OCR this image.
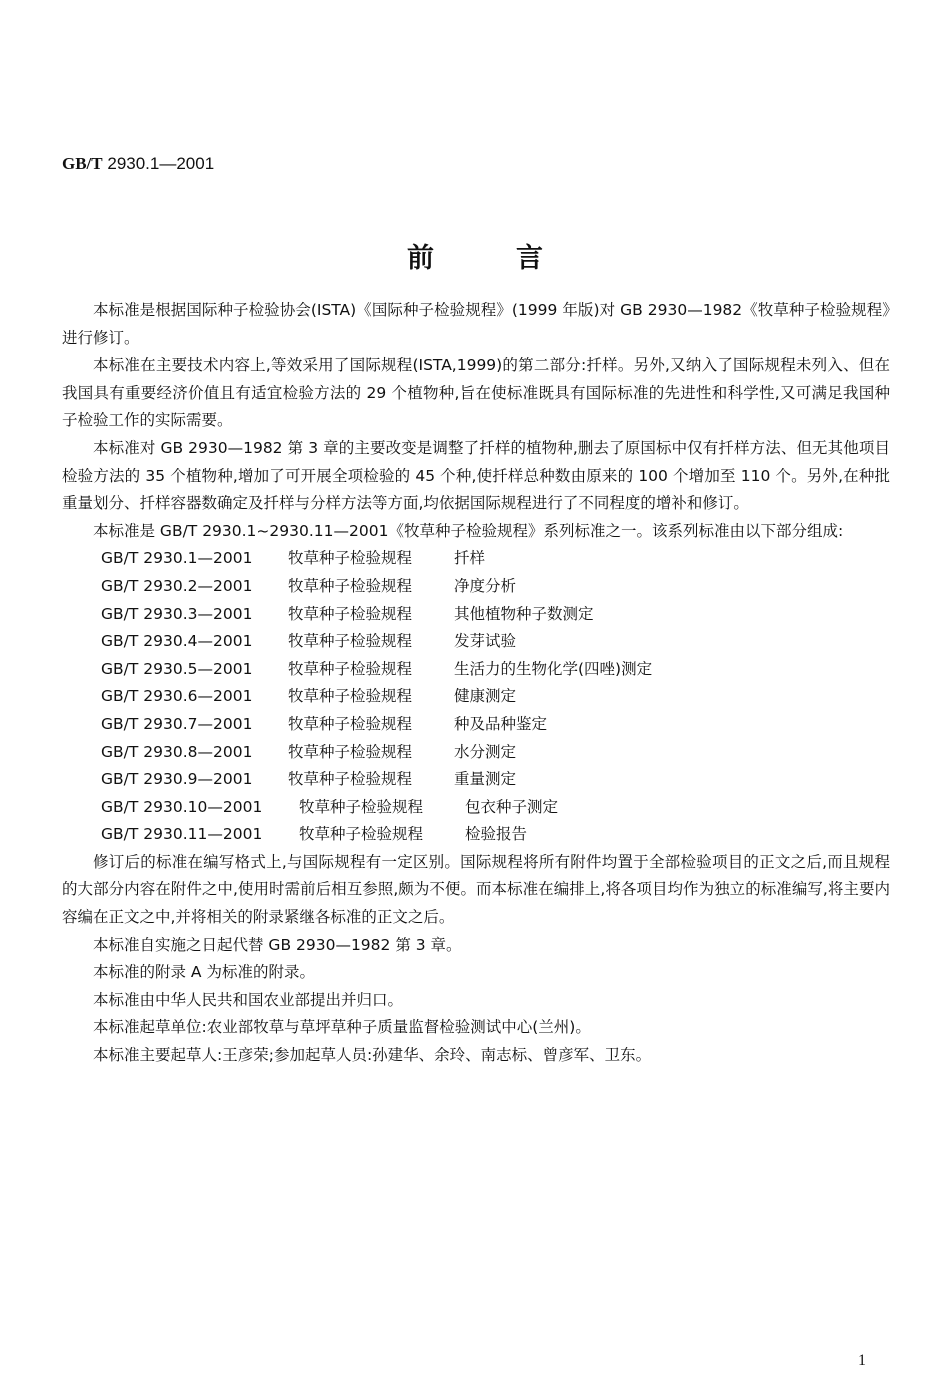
GB/T 2930.1—2001
前言

本标准是根据国际种子检验协会(ISTA)《国际种子检验规程》(1999 年版)对 GB 2930—1982《牧草种子检验规程》进行修订。

本标准在主要技术内容上,等效采用了国际规程(ISTA,1999)的第二部分:扦样。另外,又纳入了国际规程未列入、但在我国具有重要经济价值且有适宜检验方法的 29 个植物种,旨在使标准既具有国际标准的先进性和科学性,又可满足我国种子检验工作的实际需要。

本标准对 GB 2930—1982 第 3 章的主要改变是调整了扦样的植物种,删去了原国标中仅有扦样方法、但无其他项目检验方法的 35 个植物种,增加了可开展全项检验的 45 个种,使扦样总种数由原来的 100 个增加至 110 个。另外,在种批重量划分、扦样容器数确定及扦样与分样方法等方面,均依据国际规程进行了不同程度的增补和修订。

本标准是 GB/T 2930.1~2930.11—2001《牧草种子检验规程》系列标准之一。该系列标准由以下部分组成:

GB/T 2930.1—2001 牧草种子检验规程	扦样
GB/T 2930.2—2001 牧草种子检验规程	净度分析
GB/T 2930.3—2001 牧草种子检验规程	其他植物种子数测定
GB/T 2930.4—2001 牧草种子检验规程	发芽试验
GB/T 2930.5—2001 牧草种子检验规程	生活力的生物化学(四唑)测定
GB/T 2930.6—2001 牧草种子检验规程	健康测定
GB/T 2930.7—2001 牧草种子检验规程	种及品种鉴定
GB/T 2930.8—2001 牧草种子检验规程	水分测定
GB/T 2930.9—2001 牧草种子检验规程	重量测定
GB/T 2930.10—2001 牧草种子检验规程	包衣种子测定
GB/T 2930.11—2001 牧草种子检验规程	检验报告

修订后的标准在编写格式上,与国际规程有一定区别。国际规程将所有附件均置于全部检验项目的正文之后,而且规程的大部分内容在附件之中,使用时需前后相互参照,颇为不便。而本标准在编排上,将各项目均作为独立的标准编写,将主要内容编在正文之中,并将相关的附录紧继各标准的正文之后。

本标准自实施之日起代替 GB 2930—1982 第 3 章。

本标准的附录 A 为标准的附录。

本标准由中华人民共和国农业部提出并归口。

本标准起草单位:农业部牧草与草坪草种子质量监督检验测试中心(兰州)。

本标准主要起草人:王彦荣;参加起草人员:孙建华、余玲、南志标、曾彦军、卫东。

1
